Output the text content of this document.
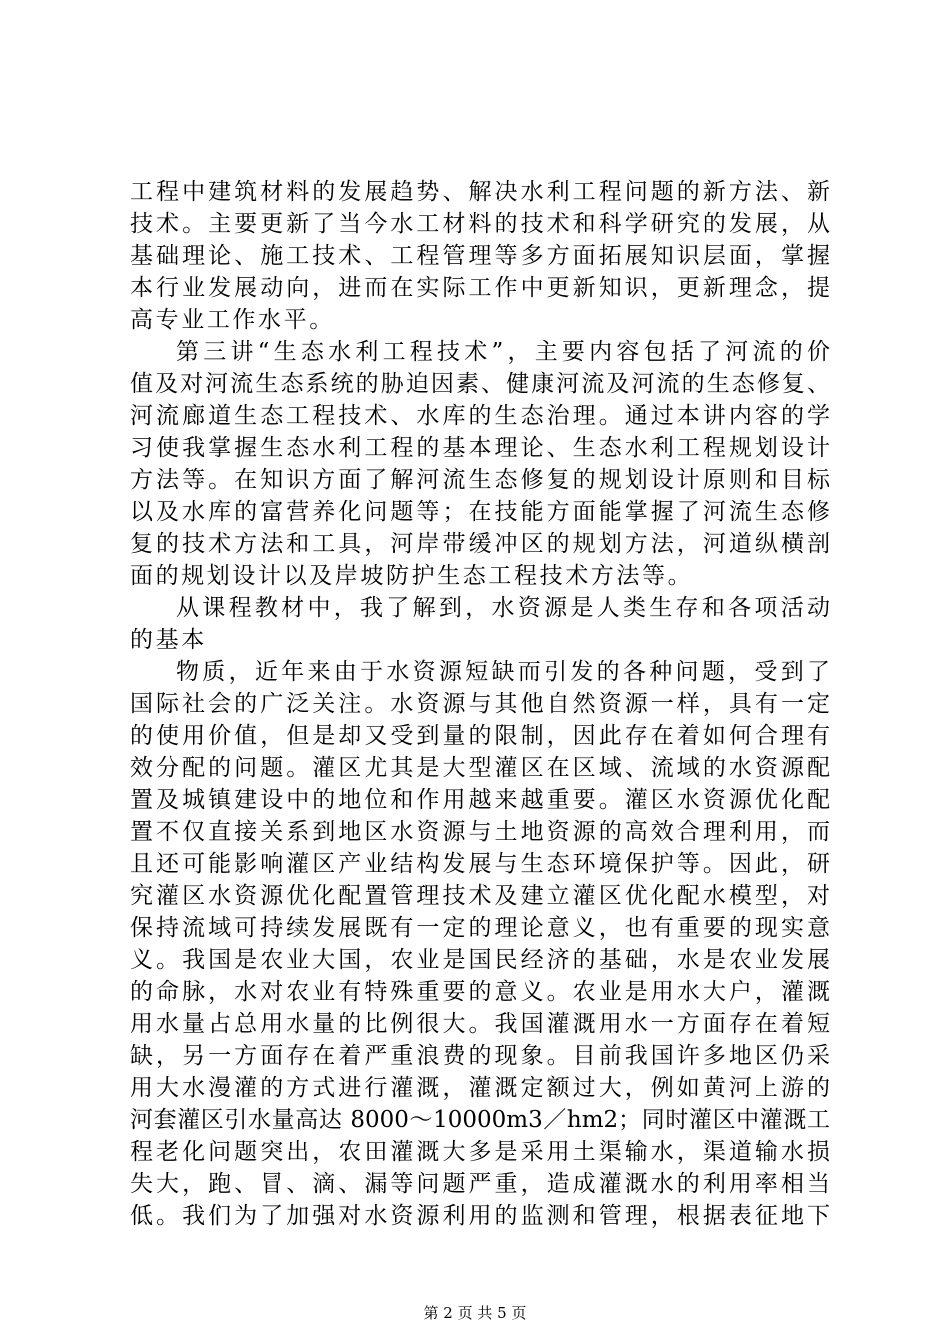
工程中建筑材料的发展趋势、解决水利工程问题的新方法、新
技术。主要更新了当今水工材料的技术和科学研究的发展，从
基础理论、施工技术、工程管理等多方面拓展知识层面，掌握
本行业发展动向，进而在实际工作中更新知识，更新理念，提
高专业工作水平。
第三讲“生态水利工程技术”，主要内容包括了河流的价
值及对河流生态系统的胁迫因素、健康河流及河流的生态修复、
河流廊道生态工程技术、水库的生态治理。通过本讲内容的学
习使我掌握生态水利工程的基本理论、生态水利工程规划设计
方法等。在知识方面了解河流生态修复的规划设计原则和目标
以及水库的富营养化问题等；在技能方面能掌握了河流生态修
复的技术方法和工具，河岸带缓冲区的规划方法，河道纵横剖
面的规划设计以及岸坡防护生态工程技术方法等。
从课程教材中，我了解到，水资源是人类生存和各项活动
的基本
物质，近年来由于水资源短缺而引发的各种问题，受到了
国际社会的广泛关注。水资源与其他自然资源一样，具有一定
的使用价值，但是却又受到量的限制，因此存在着如何合理有
效分配的问题。灌区尤其是大型灌区在区域、流域的水资源配
置及城镇建设中的地位和作用越来越重要。灌区水资源优化配
置不仅直接关系到地区水资源与土地资源的高效合理利用，而
且还可能影响灌区产业结构发展与生态环境保护等。因此，研
究灌区水资源优化配置管理技术及建立灌区优化配水模型，对
保持流域可持续发展既有一定的理论意义，也有重要的现实意
义。我国是农业大国，农业是国民经济的基础，水是农业发展
的命脉，水对农业有特殊重要的意义。农业是用水大户，灌溉
用水量占总用水量的比例很大。我国灌溉用水一方面存在着短
缺，另一方面存在着严重浪费的现象。目前我国许多地区仍采
用大水漫灌的方式进行灌溉，灌溉定额过大，例如黄河上游的
河套灌区引水量高达 8000～10000m3／hm2；同时灌区中灌溉工
程老化问题突出，农田灌溉大多是采用土渠输水，渠道输水损
失大，跑、冒、滴、漏等问题严重，造成灌溉水的利用率相当
低。我们为了加强对水资源利用的监测和管理，根据表征地下
第 2 页 共 5 页
